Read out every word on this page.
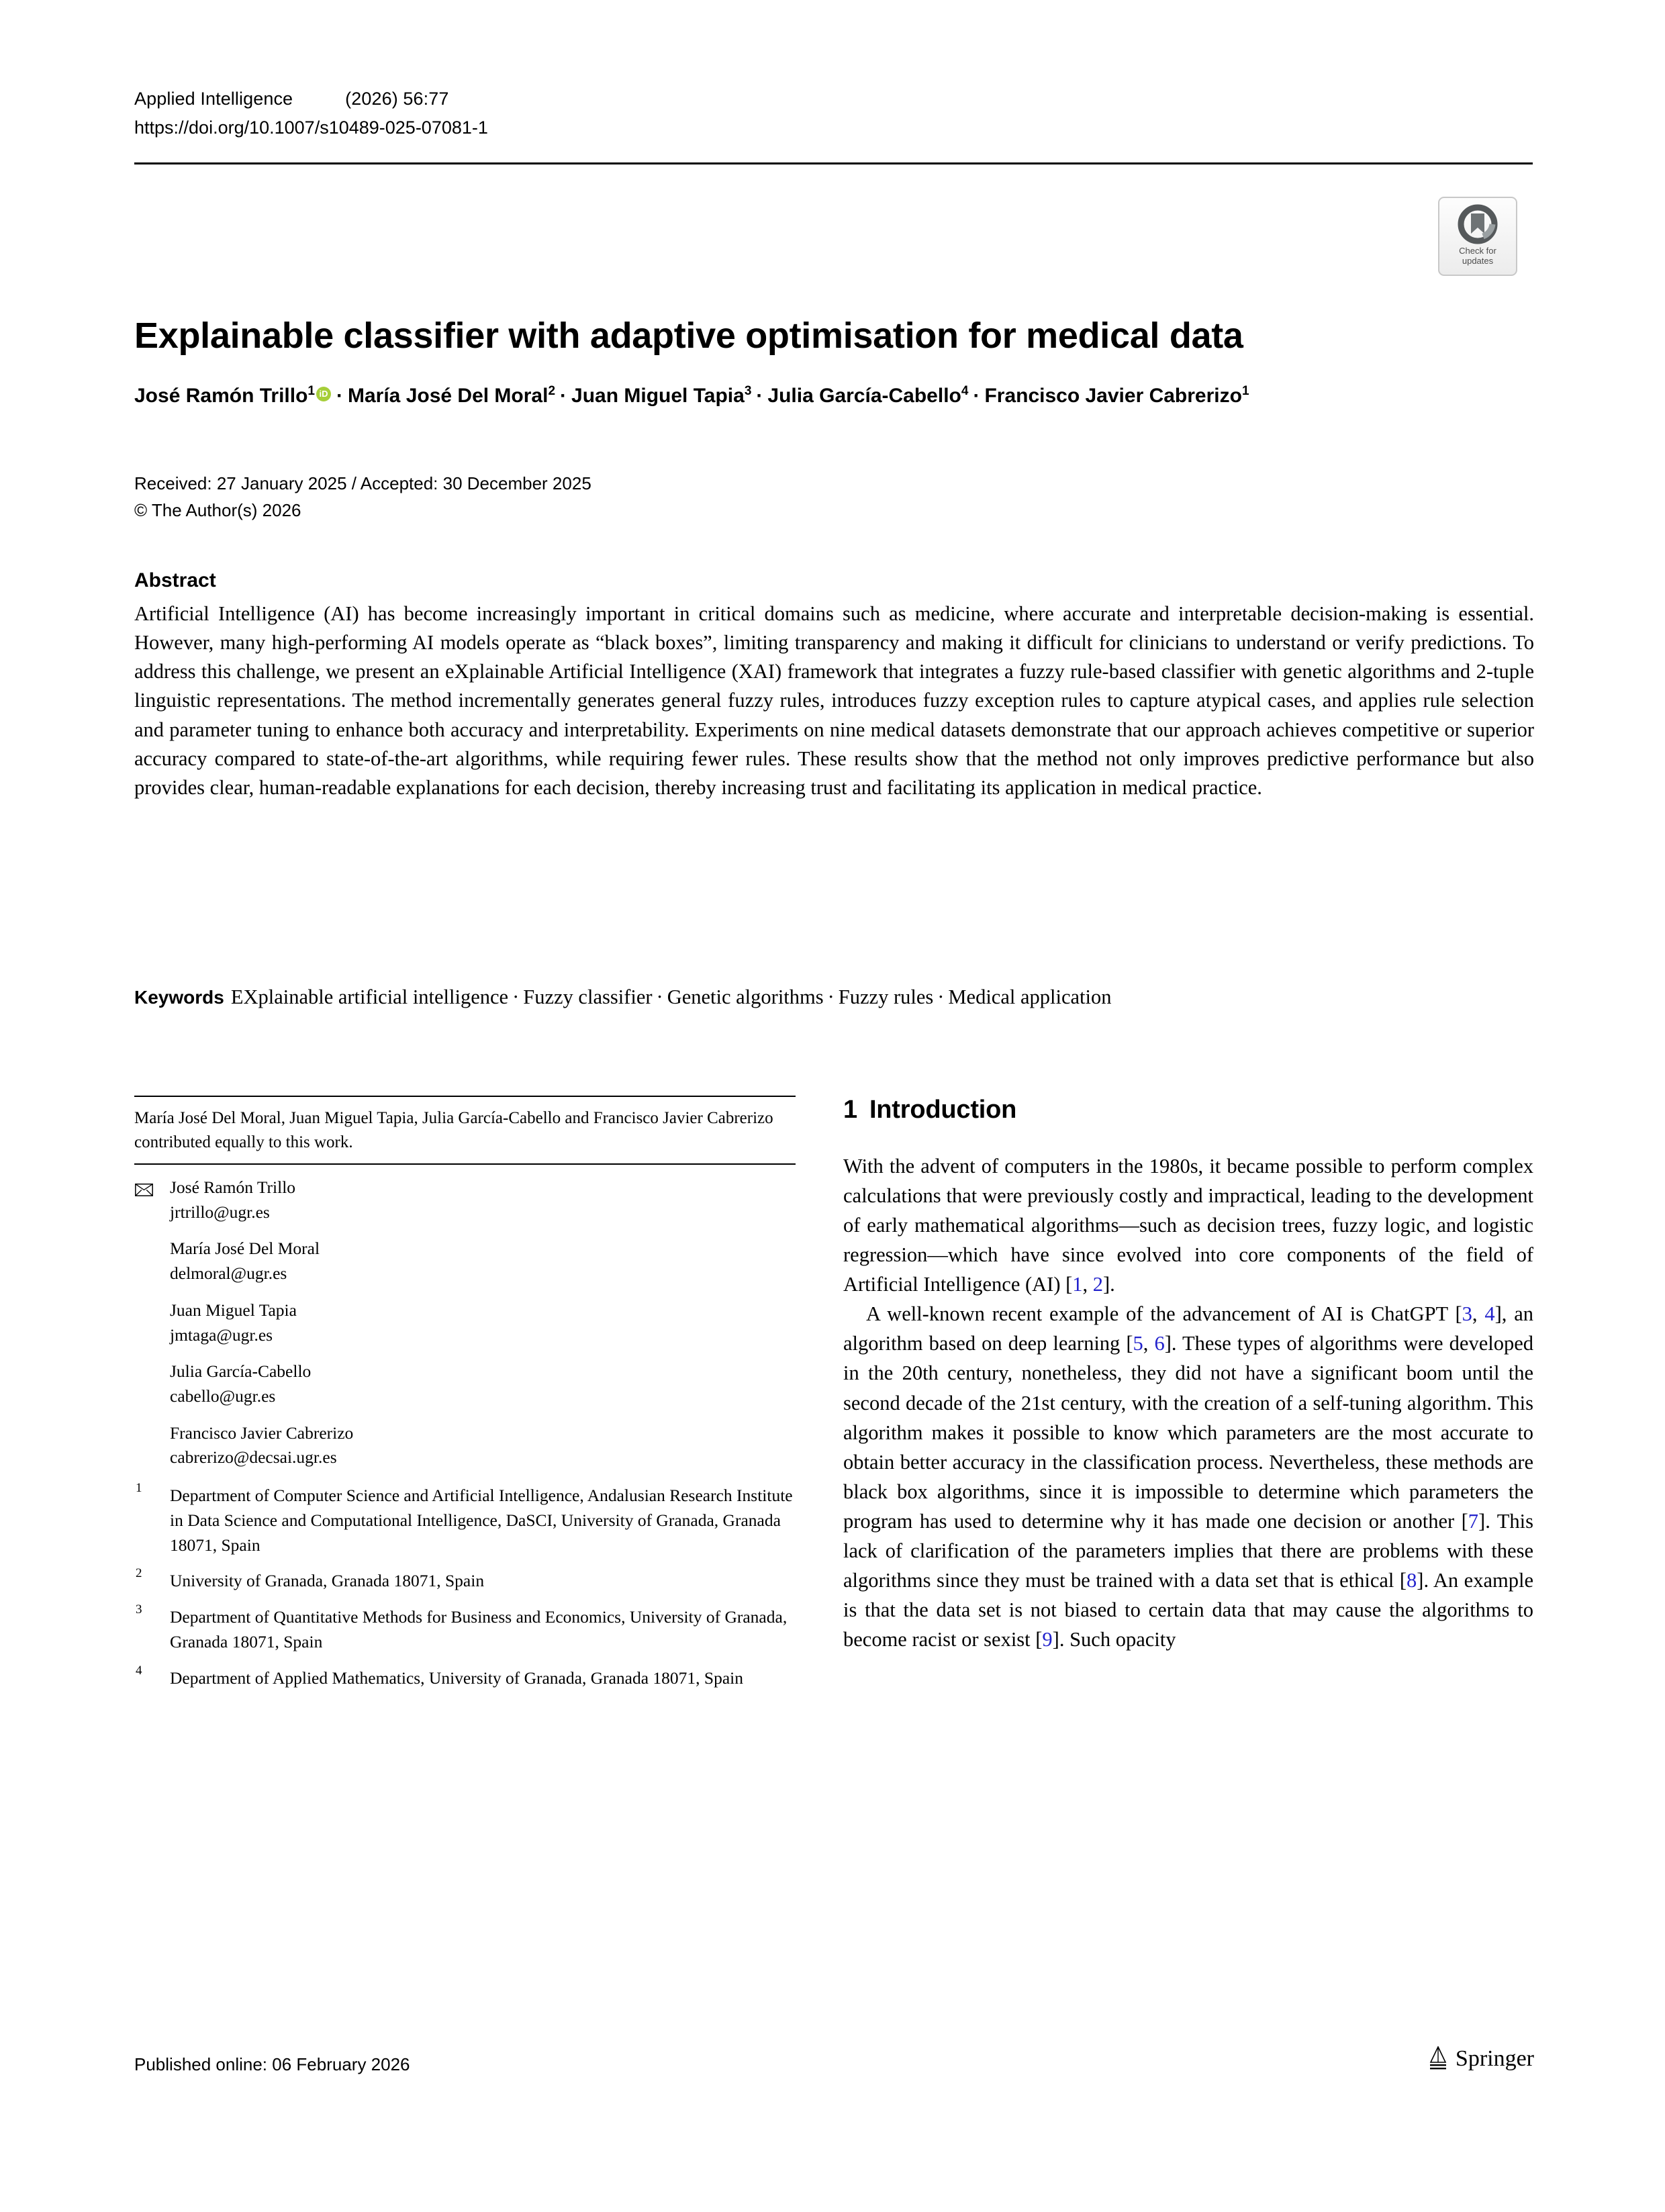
Applied Intelligence	(2026) 56:77
https://doi.org/10.1007/s10489-025-07081-1
Check for
updates
Explainable classifier with adaptive optimisation for medical data
José Ramón Trillo$^1$ iD · María José Del Moral$^2$ · Juan Miguel Tapia$^3$ · Julia García-Cabello$^4$ · Francisco Javier Cabrerizo$^1$
Received: 27 January 2025 / Accepted: 30 December 2025
© The Author(s) 2026
Abstract
Artificial Intelligence (AI) has become increasingly important in critical domains such as medicine, where accurate and interpretable decision-making is essential. However, many high-performing AI models operate as “black boxes”, limiting transparency and making it difficult for clinicians to understand or verify predictions. To address this challenge, we present an eXplainable Artificial Intelligence (XAI) framework that integrates a fuzzy rule-based classifier with genetic algorithms and 2-tuple linguistic representations. The method incrementally generates general fuzzy rules, introduces fuzzy exception rules to capture atypical cases, and applies rule selection and parameter tuning to enhance both accuracy and interpretability. Experiments on nine medical datasets demonstrate that our approach achieves competitive or superior accuracy compared to state-of-the-art algorithms, while requiring fewer rules. These results show that the method not only improves predictive performance but also provides clear, human-readable explanations for each decision, thereby increasing trust and facilitating its application in medical practice.
Keywords EXplainable artificial intelligence · Fuzzy classifier · Genetic algorithms · Fuzzy rules · Medical application
María José Del Moral, Juan Miguel Tapia, Julia García-Cabello and Francisco Javier Cabrerizo contributed equally to this work.
José Ramón Trillo
jrtrillo@ugr.es
María José Del Moral
delmoral@ugr.es
Juan Miguel Tapia
jmtaga@ugr.es
Julia García-Cabello
cabello@ugr.es
Francisco Javier Cabrerizo
cabrerizo@decsai.ugr.es
1 Department of Computer Science and Artificial Intelligence, Andalusian Research Institute in Data Science and Computational Intelligence, DaSCI, University of Granada, Granada 18071, Spain
2 University of Granada, Granada 18071, Spain
3 Department of Quantitative Methods for Business and Economics, University of Granada, Granada 18071, Spain
4 Department of Applied Mathematics, University of Granada, Granada 18071, Spain
1 Introduction

With the advent of computers in the 1980s, it became possible to perform complex calculations that were previously costly and impractical, leading to the development of early mathematical algorithms—such as decision trees, fuzzy logic, and logistic regression—which have since evolved into core components of the field of Artificial Intelligence (AI) [1, 2].

A well-known recent example of the advancement of AI is ChatGPT [3, 4], an algorithm based on deep learning [5, 6]. These types of algorithms were developed in the 20th century, nonetheless, they did not have a significant boom until the second decade of the 21st century, with the creation of a self-tuning algorithm. This algorithm makes it possible to know which parameters are the most accurate to obtain better accuracy in the classification process. Nevertheless, these methods are black box algorithms, since it is impossible to determine which parameters the program has used to determine why it has made one decision or another [7]. This lack of clarification of the parameters implies that there are problems with these algorithms since they must be trained with a data set that is ethical [8]. An example is that the data set is not biased to certain data that may cause the algorithms to become racist or sexist [9]. Such opacity

Published online: 06 February 2026	Springer
